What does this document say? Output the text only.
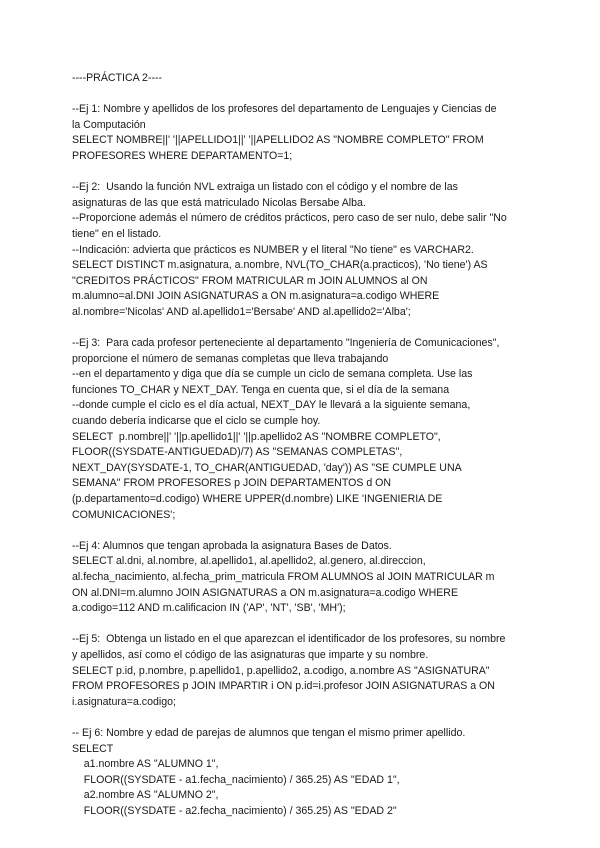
----PRÁCTICA 2----
--Ej 1: Nombre y apellidos de los profesores del departamento de Lenguajes y Ciencias de
la Computación
SELECT NOMBRE||' '||APELLIDO1||' '||APELLIDO2 AS "NOMBRE COMPLETO" FROM
PROFESORES WHERE DEPARTAMENTO=1;
--Ej 2:  Usando la función NVL extraiga un listado con el código y el nombre de las
asignaturas de las que está matriculado Nicolas Bersabe Alba.
--Proporcione además el número de créditos prácticos, pero caso de ser nulo, debe salir "No
tiene" en el listado.
--Indicación: advierta que prácticos es NUMBER y el literal "No tiene" es VARCHAR2.
SELECT DISTINCT m.asignatura, a.nombre, NVL(TO_CHAR(a.practicos), 'No tiene') AS
"CREDITOS PRÁCTICOS" FROM MATRICULAR m JOIN ALUMNOS al ON
m.alumno=al.DNI JOIN ASIGNATURAS a ON m.asignatura=a.codigo WHERE
al.nombre='Nicolas' AND al.apellido1='Bersabe' AND al.apellido2='Alba';
--Ej 3:  Para cada profesor perteneciente al departamento "Ingeniería de Comunicaciones",
proporcione el número de semanas completas que lleva trabajando
--en el departamento y diga que día se cumple un ciclo de semana completa. Use las
funciones TO_CHAR y NEXT_DAY. Tenga en cuenta que, si el día de la semana
--donde cumple el ciclo es el día actual, NEXT_DAY le llevará a la siguiente semana,
cuando debería indicarse que el ciclo se cumple hoy.
SELECT  p.nombre||' '||p.apellido1||' '||p.apellido2 AS "NOMBRE COMPLETO",
FLOOR((SYSDATE-ANTIGUEDAD)/7) AS "SEMANAS COMPLETAS",
NEXT_DAY(SYSDATE-1, TO_CHAR(ANTIGUEDAD, 'day')) AS "SE CUMPLE UNA
SEMANA" FROM PROFESORES p JOIN DEPARTAMENTOS d ON
(p.departamento=d.codigo) WHERE UPPER(d.nombre) LIKE 'INGENIERIA DE
COMUNICACIONES';
--Ej 4: Alumnos que tengan aprobada la asignatura Bases de Datos.
SELECT al.dni, al.nombre, al.apellido1, al.apellido2, al.genero, al.direccion,
al.fecha_nacimiento, al.fecha_prim_matricula FROM ALUMNOS al JOIN MATRICULAR m
ON al.DNI=m.alumno JOIN ASIGNATURAS a ON m.asignatura=a.codigo WHERE
a.codigo=112 AND m.calificacion IN ('AP', 'NT', 'SB', 'MH');
--Ej 5:  Obtenga un listado en el que aparezcan el identificador de los profesores, su nombre
y apellidos, así como el código de las asignaturas que imparte y su nombre.
SELECT p.id, p.nombre, p.apellido1, p.apellido2, a.codigo, a.nombre AS "ASIGNATURA"
FROM PROFESORES p JOIN IMPARTIR i ON p.id=i.profesor JOIN ASIGNATURAS a ON
i.asignatura=a.codigo;
-- Ej 6: Nombre y edad de parejas de alumnos que tengan el mismo primer apellido.
SELECT
a1.nombre AS "ALUMNO 1",
FLOOR((SYSDATE - a1.fecha_nacimiento) / 365.25) AS "EDAD 1",
a2.nombre AS "ALUMNO 2",
FLOOR((SYSDATE - a2.fecha_nacimiento) / 365.25) AS "EDAD 2"
